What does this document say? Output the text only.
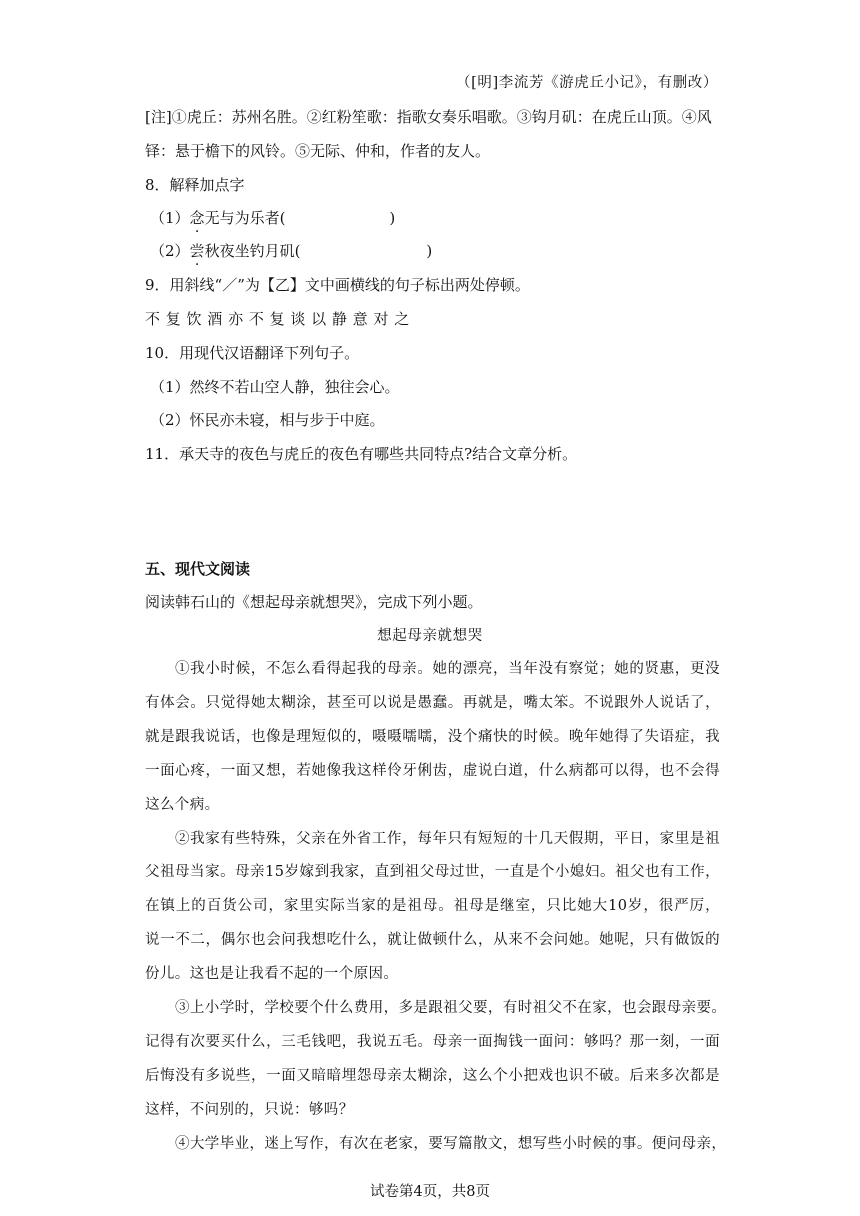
（[明]李流芳《游虎丘小记》，有删改）
[注]①虎丘：苏州名胜。②红粉笙歌：指歌女奏乐唱歌。③钩月矶：在虎丘山顶。④风
铎：悬于檐下的风铃。⑤无际、仲和，作者的友人。
8．解释加点字
（1）念无与为乐者(	)
（2）尝秋夜坐钓月矶(	)
9．用斜线“／”为【乙】文中画横线的句子标出两处停顿。
不 复 饮 酒 亦 不 复 谈 以 静 意 对 之
10．用现代汉语翻译下列句子。
（1）然终不若山空人静，独往会心。
（2）怀民亦未寝，相与步于中庭。
11．承天寺的夜色与虎丘的夜色有哪些共同特点?结合文章分析。
五、现代文阅读
阅读韩石山的《想起母亲就想哭》，完成下列小题。
想起母亲就想哭
①我小时候，不怎么看得起我的母亲。她的漂亮，当年没有察觉；她的贤惠，更没
有体会。只觉得她太糊涂，甚至可以说是愚蠢。再就是，嘴太笨。不说跟外人说话了，
就是跟我说话，也像是理短似的，嗫嗫嚅嚅，没个痛快的时候。晚年她得了失语症，我
一面心疼，一面又想，若她像我这样伶牙俐齿，虚说白道，什么病都可以得，也不会得
这么个病。
②我家有些特殊，父亲在外省工作，每年只有短短的十几天假期，平日，家里是祖
父祖母当家。母亲15岁嫁到我家，直到祖父母过世，一直是个小媳妇。祖父也有工作，
在镇上的百货公司，家里实际当家的是祖母。祖母是继室，只比她大10岁，很严厉，
说一不二，偶尔也会问我想吃什么，就让做顿什么，从来不会问她。她呢，只有做饭的
份儿。这也是让我看不起的一个原因。
③上小学时，学校要个什么费用，多是跟祖父要，有时祖父不在家，也会跟母亲要。
记得有次要买什么，三毛钱吧，我说五毛。母亲一面掏钱一面问：够吗？那一刻，一面
后悔没有多说些，一面又暗暗埋怨母亲太糊涂，这么个小把戏也识不破。后来多次都是
这样，不问别的，只说：够吗？
④大学毕业，迷上写作，有次在老家，要写篇散文，想写些小时候的事。便问母亲，
试卷第4页，共8页
